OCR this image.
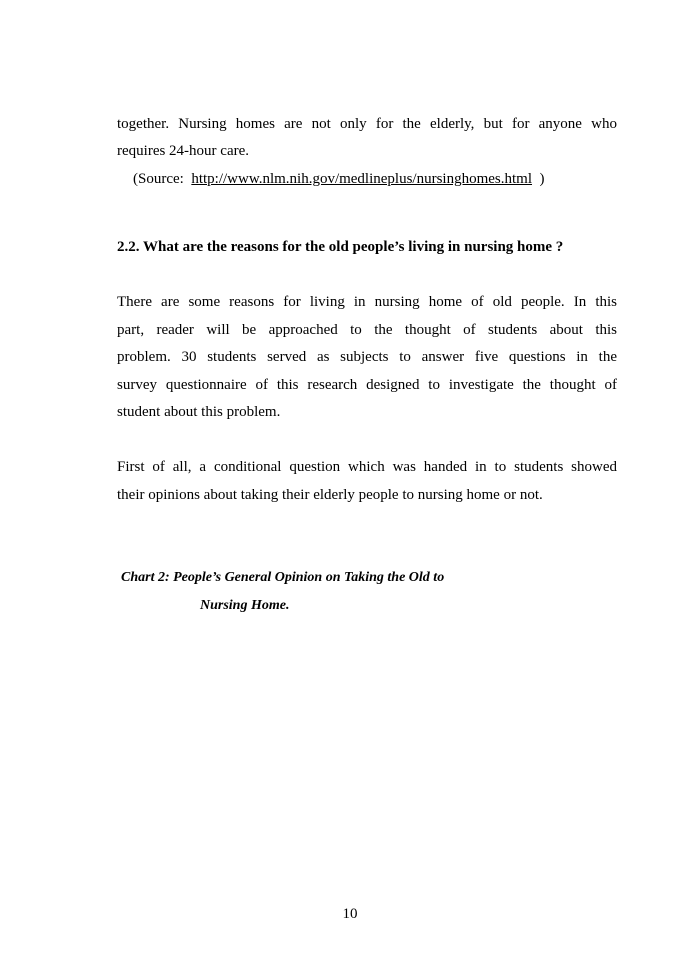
together. Nursing homes are not only for the elderly, but for anyone who
requires 24-hour care.
(Source: http://www.nlm.nih.gov/medlineplus/nursinghomes.html )
2.2. What are the reasons for the old people’s living in nursing home ?
There are some reasons for living in nursing home of old people. In this
part, reader will be approached to the thought of students about this
problem. 30 students served as subjects to answer five questions in the
survey questionnaire of this research designed to investigate the thought of
student about this problem.
First of all, a conditional question which was handed in to students showed
their opinions about taking their elderly people to nursing home or not.
Chart 2: People’s General Opinion on Taking the Old to
Nursing Home.
10
